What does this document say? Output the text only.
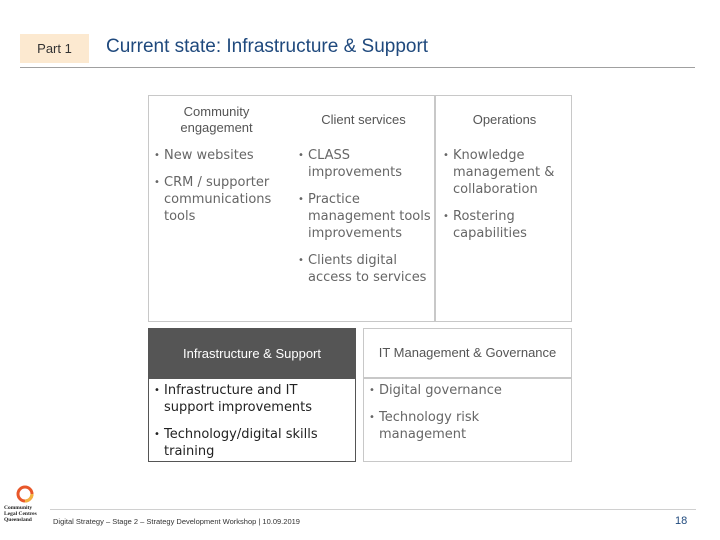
Part 1	Current state: Infrastructure & Support
Community engagement
• New websites
• CRM / supporter communications tools
Client services
• CLASS improvements
• Practice management tools improvements
• Clients digital access to services
Operations
• Knowledge management & collaboration
• Rostering capabilities
Infrastructure & Support
• Infrastructure and IT support improvements
• Technology/digital skills training
IT Management & Governance
• Digital governance
• Technology risk management
Community
Legal Centres
Queensland	Digital Strategy – Stage 2 – Strategy Development Workshop | 10.09.2019	18
